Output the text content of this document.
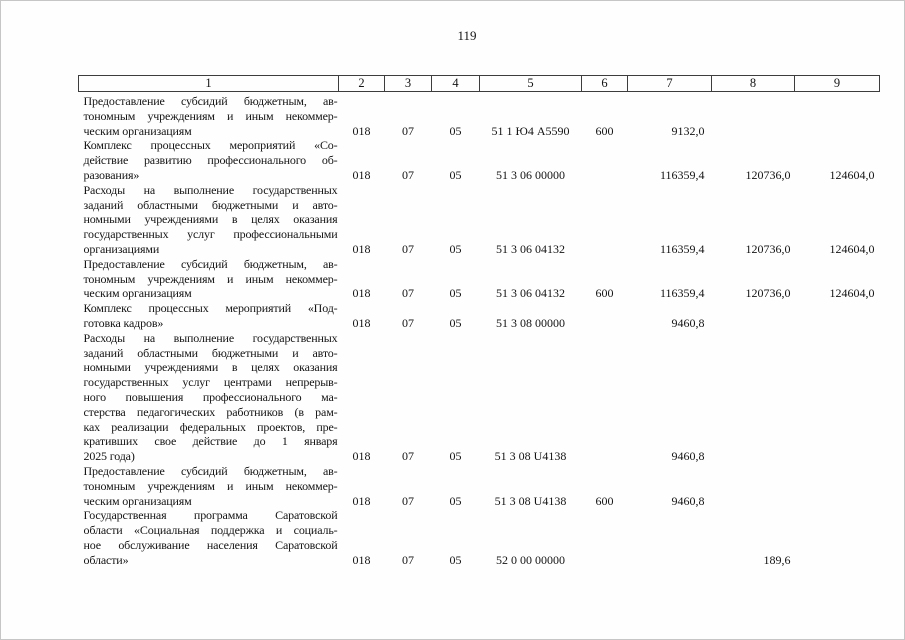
119
1	2	3	4	5	6	7	8	9

Предоставление субсидий бюджетным, ав-
тономным учреждениям и иным некоммер-
ческим организациям	018	07	05	51 1 Ю4 А5590	600	9132,0		

Комплекс процессных мероприятий «Со-
действие развитию профессионального об-
разования»	018	07	05	51 3 06 00000		116359,4	120736,0	124604,0

Расходы на выполнение государственных
заданий областными бюджетными и авто-
номными учреждениями в целях оказания
государственных услуг профессиональными
организациями	018	07	05	51 3 06 04132		116359,4	120736,0	124604,0

Предоставление субсидий бюджетным, ав-
тономным учреждениям и иным некоммер-
ческим организациям	018	07	05	51 3 06 04132	600	116359,4	120736,0	124604,0

Комплекс процессных мероприятий «Под-
готовка кадров»	018	07	05	51 3 08 00000		9460,8		

Расходы на выполнение государственных
заданий областными бюджетными и авто-
номными учреждениями в целях оказания
государственных услуг центрами непрерыв-
ного повышения профессионального ма-
стерства педагогических работников (в рам-
ках реализации федеральных проектов, пре-
кративших свое действие до 1 января
2025 года)	018	07	05	51 3 08 U4138		9460,8		

Предоставление субсидий бюджетным, ав-
тономным учреждениям и иным некоммер-
ческим организациям	018	07	05	51 3 08 U4138	600	9460,8		

Государственная программа Саратовской
области «Социальная поддержка и социаль-
ное обслуживание населения Саратовской
области»	018	07	05	52 0 00 00000			189,6	
